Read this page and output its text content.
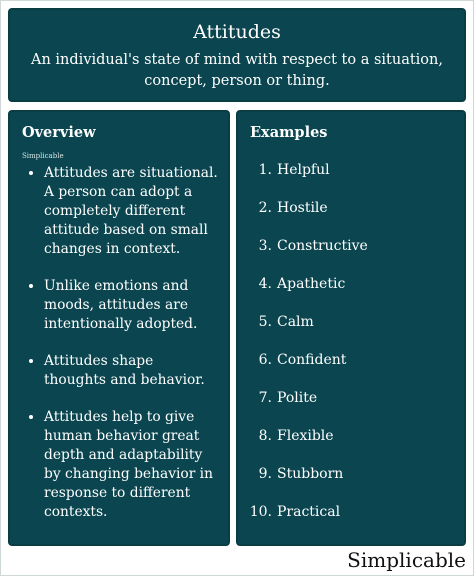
Attitudes
An individual's state of mind with respect to a situation, concept, person or thing.
Overview
Simplicable
• Attitudes are situational. A person can adopt a completely different attitude based on small changes in context.
• Unlike emotions and moods, attitudes are intentionally adopted.
• Attitudes shape thoughts and behavior.
• Attitudes help to give human behavior great depth and adaptability by changing behavior in response to different contexts.
Examples
1. Helpful
2. Hostile
3. Constructive
4. Apathetic
5. Calm
6. Confident
7. Polite
8. Flexible
9. Stubborn
10. Practical
Simplicable
